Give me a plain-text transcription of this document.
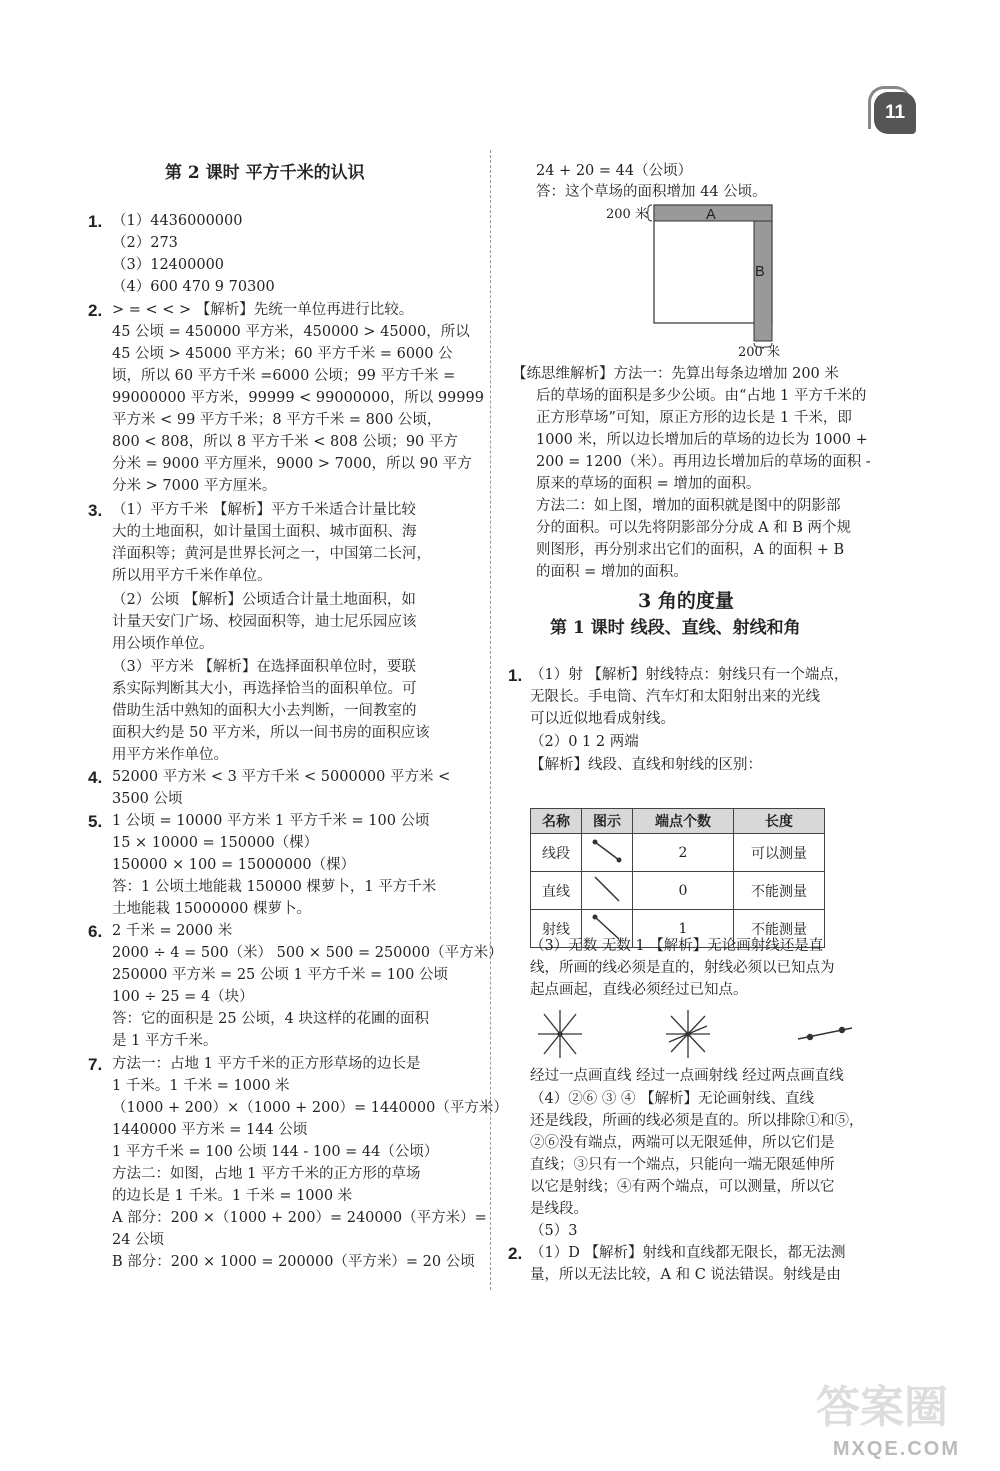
11
第 2 课时 平方千米的认识
1. （1）4436000000
（2）273
（3）12400000
（4）600 470 9 70300
2. > = < < > 【解析】先统一单位再进行比较。
45 公顷 = 450000 平方米，450000 > 45000，所以
45 公顷 > 45000 平方米；60 平方千米 = 6000 公
顷，所以 60 平方千米 =6000 公顷；99 平方千米 =
99000000 平方米，99999 < 99000000，所以 99999
平方米 < 99 平方千米；8 平方千米 = 800 公顷，
800 < 808，所以 8 平方千米 < 808 公顷；90 平方
分米 = 9000 平方厘米，9000 > 7000，所以 90 平方
分米 > 7000 平方厘米。
3. （1）平方千米 【解析】平方千米适合计量比较
大的土地面积，如计量国土面积、城市面积、海
洋面积等；黄河是世界长河之一，中国第二长河，
所以用平方千米作单位。
（2）公顷 【解析】公顷适合计量土地面积，如
计量天安门广场、校园面积等，迪士尼乐园应该
用公顷作单位。
（3）平方米 【解析】在选择面积单位时，要联
系实际判断其大小，再选择恰当的面积单位。可
借助生活中熟知的面积大小去判断，一间教室的
面积大约是 50 平方米，所以一间书房的面积应该
用平方米作单位。
4. 52000 平方米 < 3 平方千米 < 5000000 平方米 <
3500 公顷
5. 1 公顷 = 10000 平方米 1 平方千米 = 100 公顷
15 × 10000 = 150000（棵）
150000 × 100 = 15000000（棵）
答：1 公顷土地能栽 150000 棵萝卜，1 平方千米
土地能栽 15000000 棵萝卜。
6. 2 千米 = 2000 米
2000 ÷ 4 = 500（米） 500 × 500 = 250000（平方米）
250000 平方米 = 25 公顷 1 平方千米 = 100 公顷
100 ÷ 25 = 4（块）
答：它的面积是 25 公顷，4 块这样的花圃的面积
是 1 平方千米。
7. 方法一：占地 1 平方千米的正方形草场的边长是
1 千米。1 千米 = 1000 米
（1000 + 200）×（1000 + 200）= 1440000（平方米）
1440000 平方米 = 144 公顷
1 平方千米 = 100 公顷 144 - 100 = 44（公顷）
方法二：如图，占地 1 平方千米的正方形的草场
的边长是 1 千米。1 千米 = 1000 米
A 部分：200 ×（1000 + 200）= 240000（平方米）=
24 公顷
B 部分：200 × 1000 = 200000（平方米）= 20 公顷
24 + 20 = 44（公顷）
答：这个草场的面积增加 44 公顷。
200 米
200 米
A
B
【练思维解析】方法一：先算出每条边增加 200 米
后的草场的面积是多少公顷。由“占地 1 平方千米的
正方形草场”可知，原正方形的边长是 1 千米，即
1000 米，所以边长增加后的草场的边长为 1000 +
200 = 1200（米）。再用边长增加后的草场的面积 -
原来的草场的面积 = 增加的面积。
方法二：如上图，增加的面积就是图中的阴影部
分的面积。可以先将阴影部分分成 A 和 B 两个规
则图形，再分别求出它们的面积，A 的面积 + B
的面积 = 增加的面积。
3 角的度量
第 1 课时 线段、直线、射线和角
1. （1）射 【解析】射线特点：射线只有一个端点，
无限长。手电筒、汽车灯和太阳射出来的光线
可以近似地看成射线。
（2）0 1 2 两端
【解析】线段、直线和射线的区别：
名称	图示	端点个数	长度
线段		2	可以测量
直线		0	不能测量
射线		1	不能测量
（3）无数 无数 1 【解析】无论画射线还是直
线，所画的线必须是直的，射线必须以已知点为
起点画起，直线必须经过已知点。
经过一点画直线 经过一点画射线 经过两点画直线
（4）②⑥ ③ ④ 【解析】无论画射线、直线
还是线段，所画的线必须是直的。所以排除①和⑤，
②⑥没有端点，两端可以无限延伸，所以它们是
直线；③只有一个端点，只能向一端无限延伸所
以它是射线；④有两个端点，可以测量，所以它
是线段。
（5）3
2. （1）D 【解析】射线和直线都无限长，都无法测
量，所以无法比较，A 和 C 说法错误。射线是由
答案圈
MXQE.COM
